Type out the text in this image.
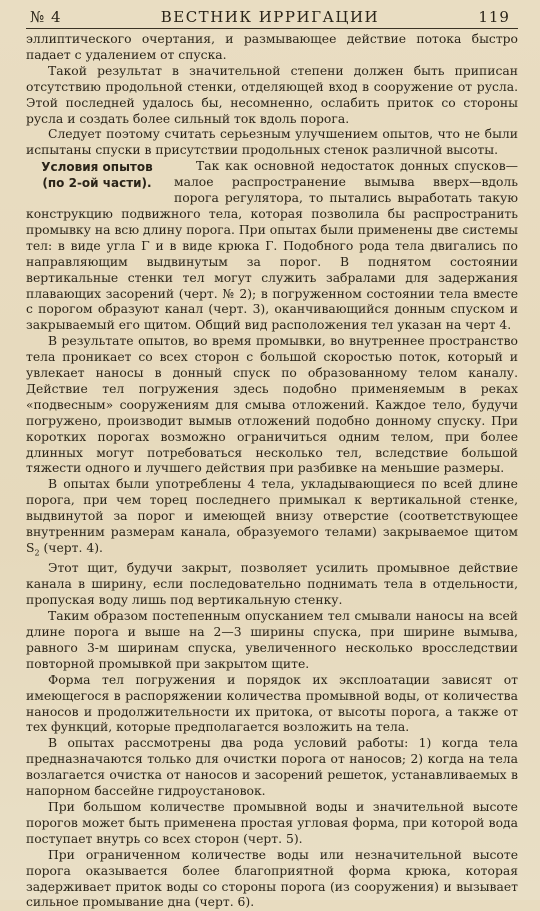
№ 4	ВЕСТНИК ИРРИГАЦИИ	119

эллиптического очертания, и размывающее действие потока быстро падает с удалением от спуска.

Такой результат в значительной степени должен быть приписан отсутствию продольной стенки, отделяющей вход в сооружение от русла. Этой последней удалось бы, несомненно, ослабить приток со стороны русла и создать более сильный ток вдоль порога.

Следует поэтому считать серьезным улучшением опытов, что не были испытаны спуски в присутствии продольных стенок различной высоты.

Условия опытов
(по 2-ой части).

Так как основной недостаток донных спусков—малое распространение вымыва вверх—вдоль порога регулятора, то пытались выработать такую конструкцию подвижного тела, которая позволила бы распространить промывку на всю длину порога. При опытах были применены две системы тел: в виде угла Γ и в виде крюка Г. Подобного рода тела двигались по направляющим выдвинутым за порог. В поднятом состоянии вертикальные стенки тел могут служить забралами для задержания плавающих засорений (черт. № 2); в погруженном состоянии тела вместе с порогом образуют канал (черт. 3), оканчивающийся донным спуском и закрываемый его щитом. Общий вид расположения тел указан на черт 4.

В результате опытов, во время промывки, во внутреннее пространство тела проникает со всех сторон с большой скоростью поток, который и увлекает наносы в донный спуск по образованному телом каналу. Действие тел погружения здесь подобно применяемым в реках «подвесным» сооружениям для смыва отложений. Каждое тело, будучи погружено, производит вымыв отложений подобно донному спуску. При коротких порогах возможно ограничиться одним телом, при более длинных могут потребоваться несколько тел, вследствие большой тяжести одного и лучшего действия при разбивке на меньшие размеры.

В опытах были употреблены 4 тела, укладывающиеся по всей длине порога, при чем торец последнего примыкал к вертикальной стенке, выдвинутой за порог и имеющей внизу отверстие (соответствующее внутренним размерам канала, образуемого телами) закрываемое щитом $S_2$ (черт. 4).

Этот щит, будучи закрыт, позволяет усилить промывное действие канала в ширину, если последовательно поднимать тела в отдельности, пропуская воду лишь под вертикальную стенку.

Таким образом постепенным опусканием тел смывали наносы на всей длине порога и выше на 2—3 ширины спуска, при ширине вымыва, равного 3-м ширинам спуска, увеличенного несколько вросследствии повторной промывкой при закрытом щите.

Форма тел погружения и порядок их эксплоатации зависят от имеющегося в распоряжении количества промывной воды, от количества наносов и продолжительности их притока, от высоты порога, а также от тех функций, которые предполагается возложить на тела.

В опытах рассмотрены два рода условий работы: 1) когда тела предназначаются только для очистки порога от наносов; 2) когда на тела возлагается очистка от наносов и засорений решеток, устанавливаемых в напорном бассейне гидроустановок.

При большом количестве промывной воды и значительной высоте порогов может быть применена простая угловая форма, при которой вода поступает внутрь со всех сторон (черт. 5).

При ограниченном количестве воды или незначительной высоте порога оказывается более благоприятной форма крюка, которая задерживает приток воды со стороны порога (из сооружения) и вызывает сильное промывание дна (черт. 6).
